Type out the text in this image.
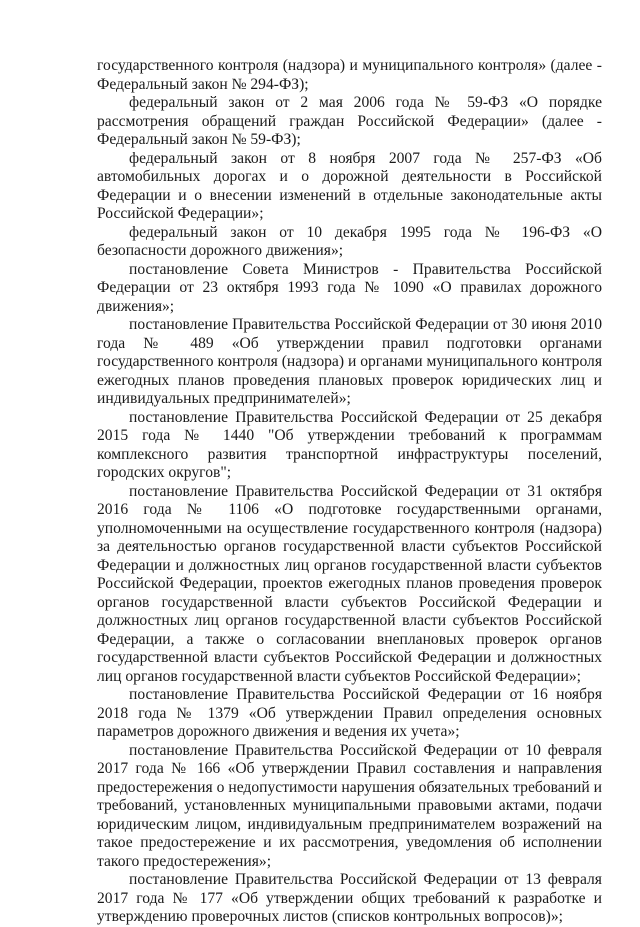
государственного контроля (надзора) и муниципального контроля» (далее - Федеральный закон № 294-ФЗ);

федеральный закон от 2 мая 2006 года № 59-ФЗ «О порядке рассмотрения обращений граждан Российской Федерации» (далее - Федеральный закон № 59-ФЗ);

федеральный закон от 8 ноября 2007 года № 257-ФЗ «Об автомобильных дорогах и о дорожной деятельности в Российской Федерации и о внесении изменений в отдельные законодательные акты Российской Федерации»;

федеральный закон от 10 декабря 1995 года № 196-ФЗ «О безопасности дорожного движения»;

постановление Совета Министров - Правительства Российской Федерации от 23 октября 1993 года № 1090 «О правилах дорожного движения»;

постановление Правительства Российской Федерации от 30 июня 2010 года № 489 «Об утверждении правил подготовки органами государственного контроля (надзора) и органами муниципального контроля ежегодных планов проведения плановых проверок юридических лиц и индивидуальных предпринимателей»;

постановление Правительства Российской Федерации от 25 декабря 2015 года № 1440 "Об утверждении требований к программам комплексного развития транспортной инфраструктуры поселений, городских округов";

постановление Правительства Российской Федерации от 31 октября 2016 года № 1106 «О подготовке государственными органами, уполномоченными на осуществление государственного контроля (надзора) за деятельностью органов государственной власти субъектов Российской Федерации и должностных лиц органов государственной власти субъектов Российской Федерации, проектов ежегодных планов проведения проверок органов государственной власти субъектов Российской Федерации и должностных лиц органов государственной власти субъектов Российской Федерации, а также о согласовании внеплановых проверок органов государственной власти субъектов Российской Федерации и должностных лиц органов государственной власти субъектов Российской Федерации»;

постановление Правительства Российской Федерации от 16 ноября 2018 года № 1379 «Об утверждении Правил определения основных параметров дорожного движения и ведения их учета»;

постановление Правительства Российской Федерации от 10 февраля 2017 года № 166 «Об утверждении Правил составления и направления предостережения о недопустимости нарушения обязательных требований и требований, установленных муниципальными правовыми актами, подачи юридическим лицом, индивидуальным предпринимателем возражений на такое предостережение и их рассмотрения, уведомления об исполнении такого предостережения»;

постановление Правительства Российской Федерации от 13 февраля 2017 года № 177 «Об утверждении общих требований к разработке и утверждению проверочных листов (списков контрольных вопросов)»;
